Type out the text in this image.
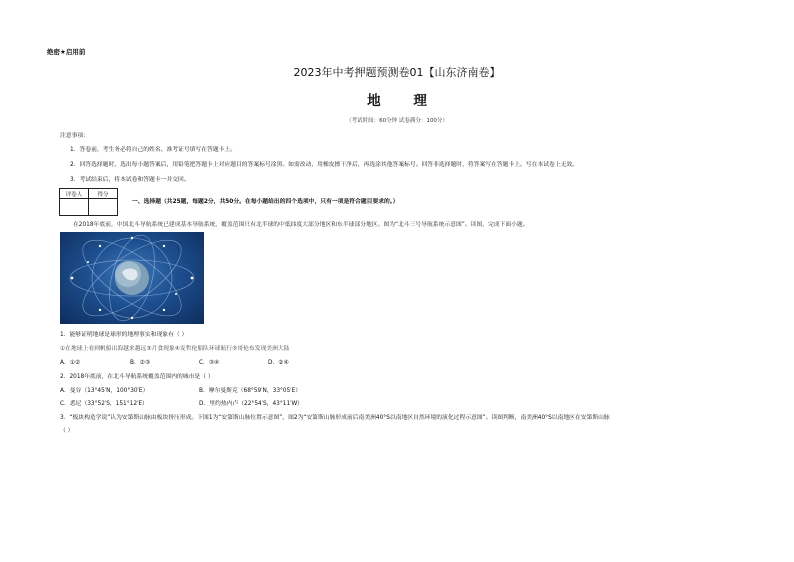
绝密★启用前
2023年中考押题预测卷01【山东济南卷】
地 理
（考试时间：60分钟 试卷满分：100分）
注意事项：
1．答卷前，考生务必将自己的姓名、准考证号填写在答题卡上。
2．回答选择题时，选出每小题答案后，用铅笔把答题卡上对应题目的答案标号涂黑。如需改动，用橡皮擦干净后，再选涂其他答案标号。回答非选择题时，将答案写在答题卡上。写在本试卷上无效。
3．考试结束后，将本试卷和答题卡一并交回。
评卷人	得分

一、选择题（共25题，每题2分，共50分。在每小题给出的四个选项中，只有一项是符合题目要求的。）
在2018年底前，中国北斗导航系统已建成基本导航系统，覆盖范围只有北半球的中低纬度大部分地区和东半球部分地区。图为“北斗三号导航系统示意图”。读图，完成下面小题。
1．能够证明地球是球形的地理事实和现象有（ ）
①在地球上看到帆船出海越来越远③月食现象④麦哲伦船队环球航行⑤哥伦布发现美洲大陆
A．①②	B．②③	C．③④	D．②④
2．2018年底前，在北斗导航系统覆盖范围内的城市是（ ）
A．曼谷（13°45′N，100°30′E）	B．摩尔曼斯克（68°59′N，33°05′E）
C．悉尼（33°52′S，151°12′E）	D．里约热内卢（22°54′S，43°11′W）
3．“板块构造学说”认为安第斯山脉由板块挤压形成。下图1为“安第斯山脉位置示意图”，图2为“安第斯山脉形成前后南美洲40°S以南地区自然环境的演化过程示意图”。读图判断，南美洲40°S以南地区在安第斯山脉
（ ）
